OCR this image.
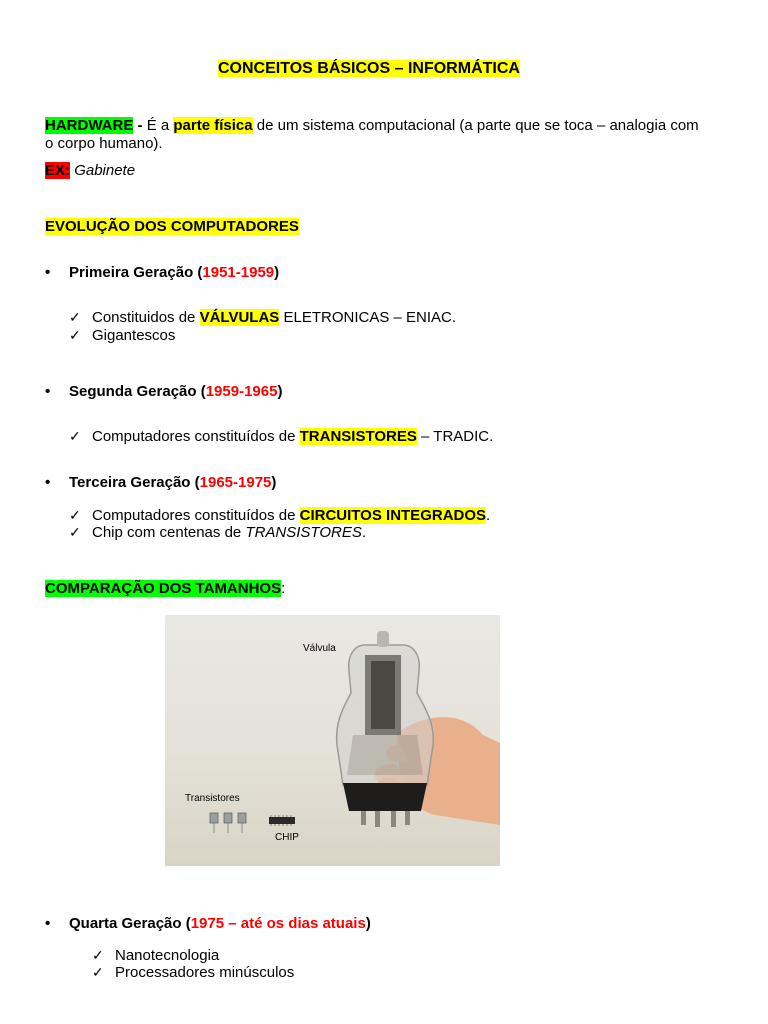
CONCEITOS BÁSICOS – INFORMÁTICA
HARDWARE - É a parte física de um sistema computacional (a parte que se toca – analogia com
o corpo humano).
EX: Gabinete
EVOLUÇÃO DOS COMPUTADORES
• Primeira Geração (1951-1959)
✓ Constituidos de VÁLVULAS ELETRONICAS – ENIAC.
✓ Gigantescos
• Segunda Geração (1959-1965)
✓ Computadores constituídos de TRANSISTORES – TRADIC.
• Terceira Geração (1965-1975)
✓ Computadores constituídos de CIRCUITOS INTEGRADOS.
✓ Chip com centenas de TRANSISTORES.
COMPARAÇÃO DOS TAMANHOS:
Válvula
Transistores
CHIP
• Quarta Geração (1975 – até os dias atuais)
✓ Nanotecnologia
✓ Processadores minúsculos
